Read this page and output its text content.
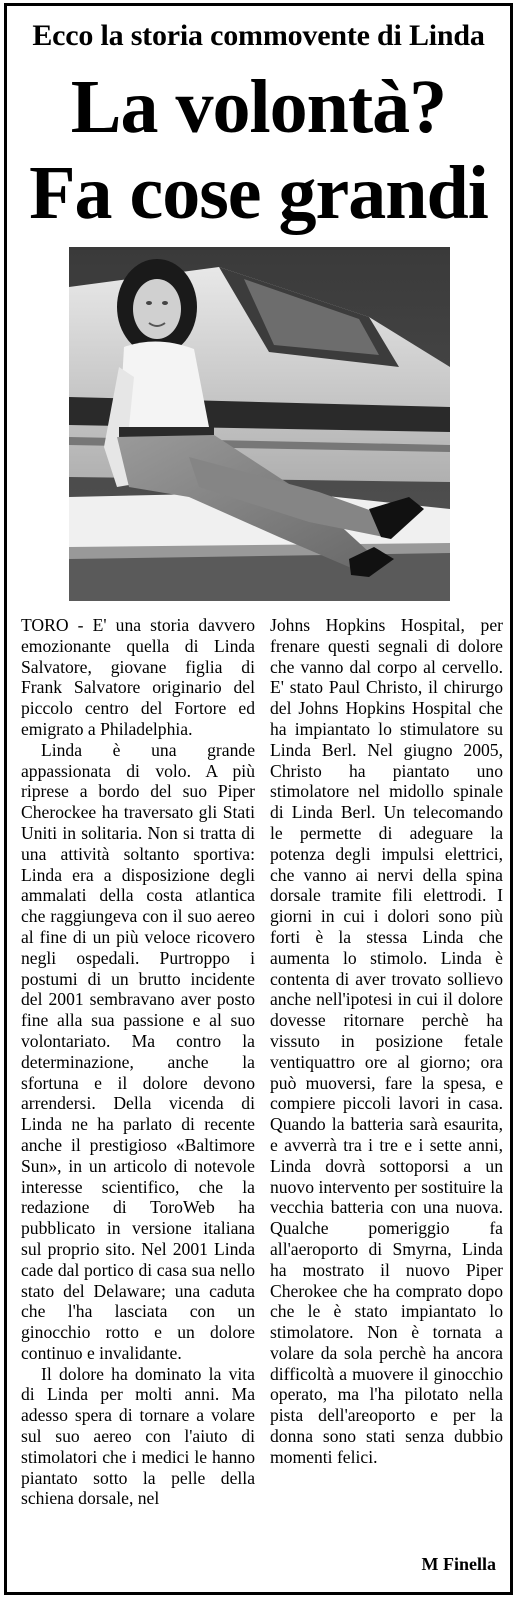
Ecco la storia commovente di Linda
La volontà?
Fa cose grandi

TORO - E' una storia davvero emozionante quella di Linda Salvatore, giovane figlia di Frank Salvatore originario del piccolo centro del Fortore ed emigrato a Philadelphia.

Linda è una grande appassionata di volo. A più riprese a bordo del suo Piper Cherockee ha traversato gli Stati Uniti in solitaria. Non si tratta di una attività soltanto sportiva: Linda era a disposizione degli ammalati della costa atlantica che raggiungeva con il suo aereo al fine di un più veloce ricovero negli ospedali. Purtroppo i postumi di un brutto incidente del 2001 sembravano aver posto fine alla sua passione e al suo volontariato. Ma contro la determinazione, anche la sfortuna e il dolore devono arrendersi. Della vicenda di Linda ne ha parlato di recente anche il prestigioso «Baltimore Sun», in un articolo di notevole interesse scientifico, che la redazione di ToroWeb ha pubblicato in versione italiana sul proprio sito. Nel 2001 Linda cade dal portico di casa sua nello stato del Delaware; una caduta che l'ha lasciata con un ginocchio rotto e un dolore continuo e invalidante.

Il dolore ha dominato la vita di Linda per molti anni. Ma adesso spera di tornare a volare sul suo aereo con l'aiuto di stimolatori che i medici le hanno piantato sotto la pelle della schiena dorsale, nel

Johns Hopkins Hospital, per frenare questi segnali di dolore che vanno dal corpo al cervello. E' stato Paul Christo, il chirurgo del Johns Hopkins Hospital che ha impiantato lo stimulatore su Linda Berl. Nel giugno 2005, Christo ha piantato uno stimolatore nel midollo spinale di Linda Berl. Un telecomando le permette di adeguare la potenza degli impulsi elettrici, che vanno ai nervi della spina dorsale tramite fili elettrodi. I giorni in cui i dolori sono più forti è la stessa Linda che aumenta lo stimolo. Linda è contenta di aver trovato sollievo anche nell'ipotesi in cui il dolore dovesse ritornare perchè ha vissuto in posizione fetale ventiquattro ore al giorno; ora può muoversi, fare la spesa, e compiere piccoli lavori in casa. Quando la batteria sarà esaurita, e avverrà tra i tre e i sette anni, Linda dovrà sottoporsi a un nuovo intervento per sostituire la vecchia batteria con una nuova. Qualche pomeriggio fa all'aeroporto di Smyrna, Linda ha mostrato il nuovo Piper Cherokee che ha comprato dopo che le è stato impiantato lo stimolatore. Non è tornata a volare da sola perchè ha ancora difficoltà a muovere il ginocchio operato, ma l'ha pilotato nella pista dell'areoporto e per la donna sono stati senza dubbio momenti felici.

M Finella
